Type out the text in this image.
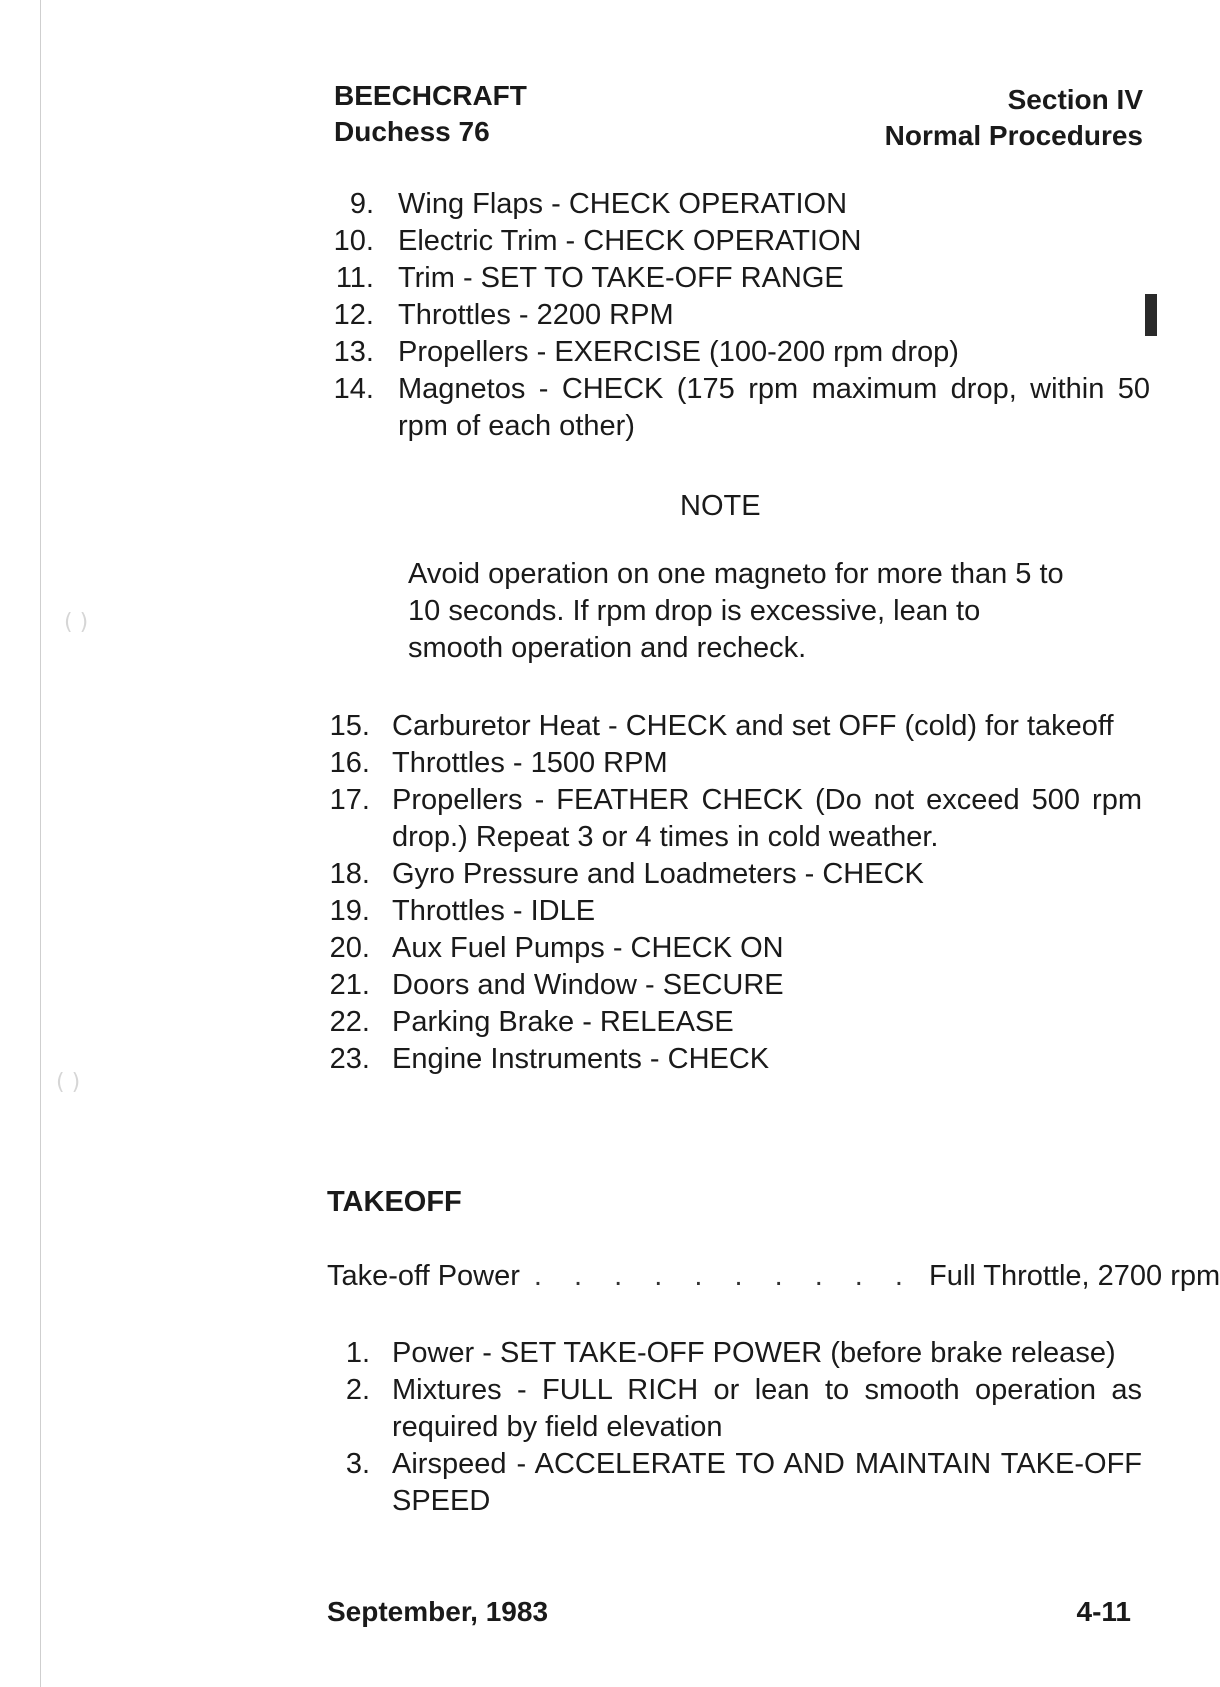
( )
( )
BEECHCRAFT
Duchess 76
Section IV
Normal Procedures
9. Wing Flaps - CHECK OPERATION
10. Electric Trim - CHECK OPERATION
11. Trim - SET TO TAKE-OFF RANGE
12. Throttles - 2200 RPM
13. Propellers - EXERCISE (100-200 rpm drop)
14. Magnetos - CHECK (175 rpm maximum drop, within 50 rpm of each other)
NOTE
Avoid operation on one magneto for more than 5 to 10 seconds. If rpm drop is excessive, lean to smooth operation and recheck.
15. Carburetor Heat - CHECK and set OFF (cold) for takeoff
16. Throttles - 1500 RPM
17. Propellers - FEATHER CHECK (Do not exceed 500 rpm drop.) Repeat 3 or 4 times in cold weather.
18. Gyro Pressure and Loadmeters - CHECK
19. Throttles - IDLE
20. Aux Fuel Pumps - CHECK ON
21. Doors and Window - SECURE
22. Parking Brake - RELEASE
23. Engine Instruments - CHECK
TAKEOFF
Take-off Power . . . . . . . . . . Full Throttle, 2700 rpm
1. Power - SET TAKE-OFF POWER (before brake release)
2. Mixtures - FULL RICH or lean to smooth operation as required by field elevation
3. Airspeed - ACCELERATE TO AND MAINTAIN TAKE-OFF SPEED
September, 1983	4-11
